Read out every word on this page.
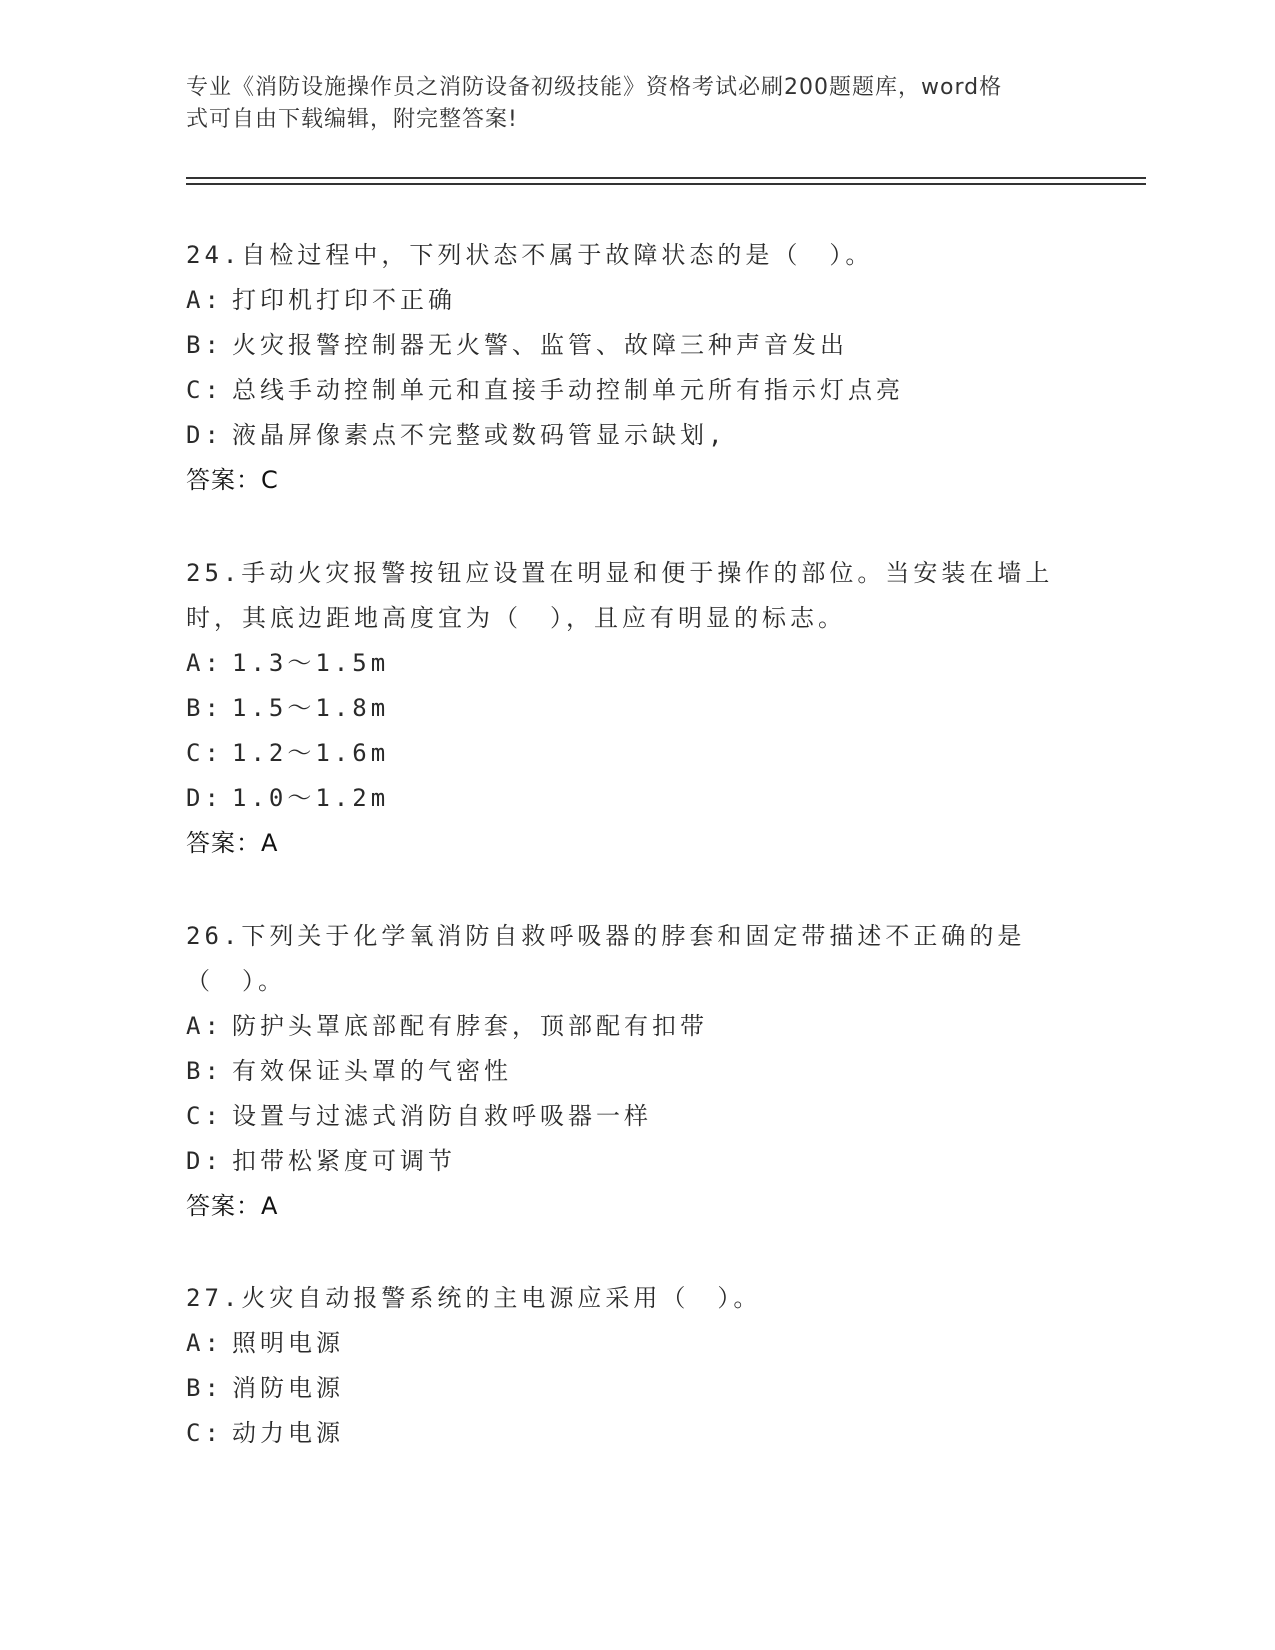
专业《消防设施操作员之消防设备初级技能》资格考试必刷200题题库，word格
式可自由下载编辑，附完整答案!
24.自检过程中，下列状态不属于故障状态的是（　）。
A: 打印机打印不正确
B: 火灾报警控制器无火警、监管、故障三种声音发出
C: 总线手动控制单元和直接手动控制单元所有指示灯点亮
D: 液晶屏像素点不完整或数码管显示缺划,
答案：C
25.手动火灾报警按钮应设置在明显和便于操作的部位。当安装在墙上时，其底边距地高度宜为（　），且应有明显的标志。
A: 1.3～1.5m
B: 1.5～1.8m
C: 1.2～1.6m
D: 1.0～1.2m
答案：A
26.下列关于化学氧消防自救呼吸器的脖套和固定带描述不正确的是（　）。
A: 防护头罩底部配有脖套，顶部配有扣带
B: 有效保证头罩的气密性
C: 设置与过滤式消防自救呼吸器一样
D: 扣带松紧度可调节
答案：A
27.火灾自动报警系统的主电源应采用（　）。
A: 照明电源
B: 消防电源
C: 动力电源
